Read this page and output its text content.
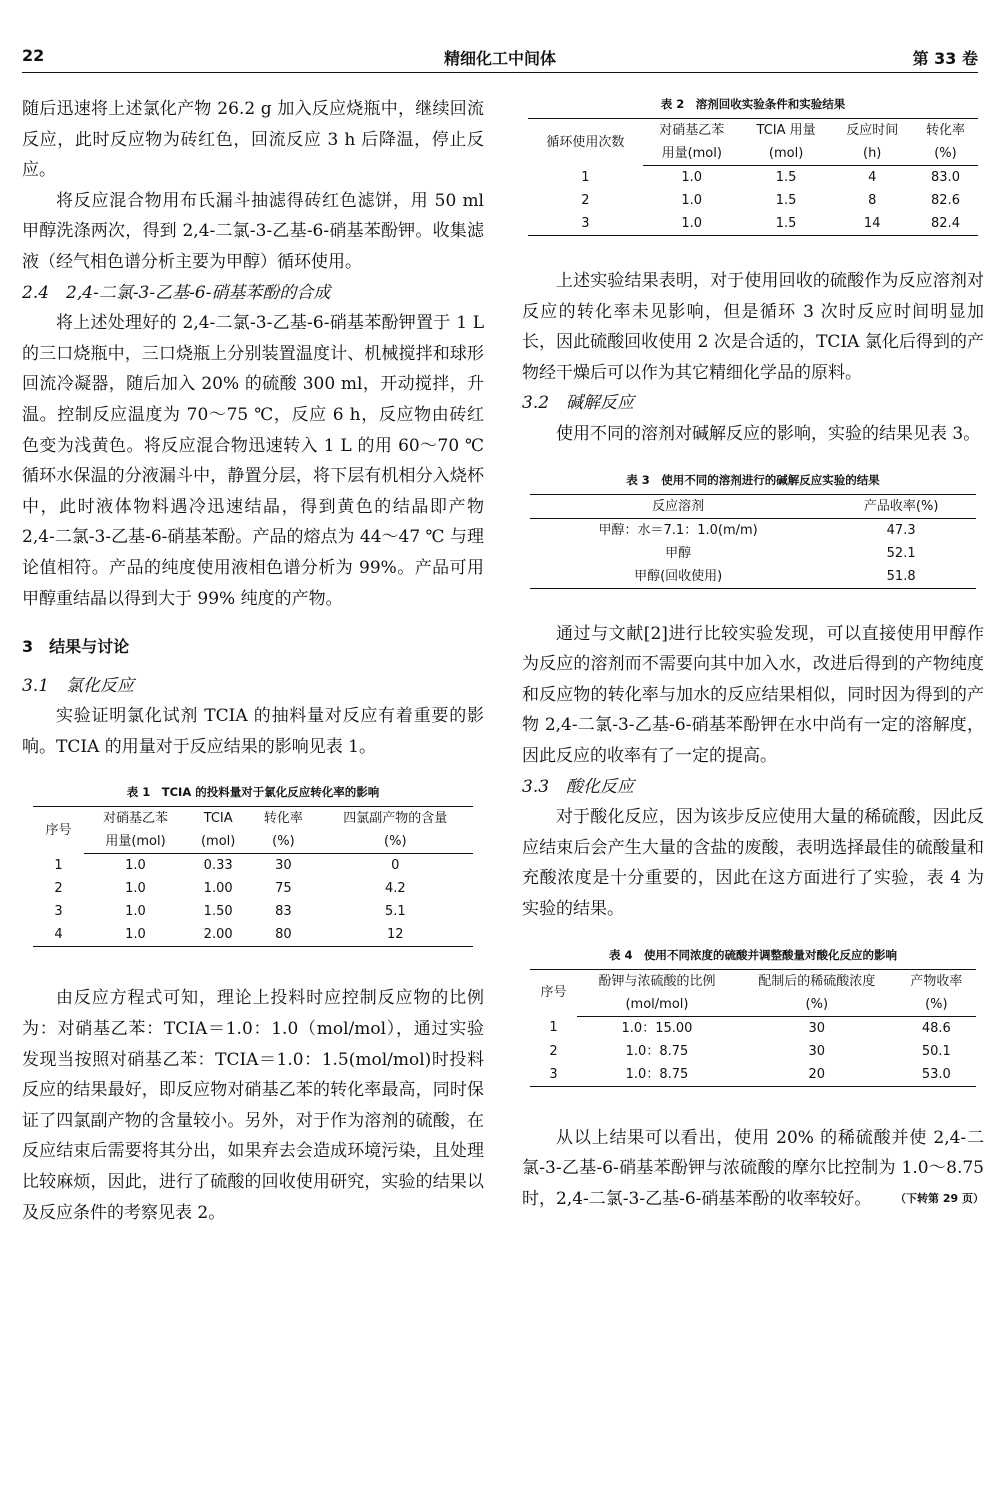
22	精细化工中间体	第 33 卷

随后迅速将上述氯化产物 26.2 g 加入反应烧瓶中，继续回流反应，此时反应物为砖红色，回流反应 3 h 后降温，停止反应。

将反应混合物用布氏漏斗抽滤得砖红色滤饼，用 50 ml 甲醇洗涤两次，得到 2,4-二氯-3-乙基-6-硝基苯酚钾。收集滤液（经气相色谱分析主要为甲醇）循环使用。

2.4　2,4-二氯-3-乙基-6-硝基苯酚的合成

将上述处理好的 2,4-二氯-3-乙基-6-硝基苯酚钾置于 1 L 的三口烧瓶中，三口烧瓶上分别装置温度计、机械搅拌和球形回流冷凝器，随后加入 20% 的硫酸 300 ml，开动搅拌，升温。控制反应温度为 70～75 ℃，反应 6 h，反应物由砖红色变为浅黄色。将反应混合物迅速转入 1 L 的用 60～70 ℃ 循环水保温的分液漏斗中，静置分层，将下层有机相分入烧杯中，此时液体物料遇冷迅速结晶，得到黄色的结晶即产物 2,4-二氯-3-乙基-6-硝基苯酚。产品的熔点为 44～47 ℃ 与理论值相符。产品的纯度使用液相色谱分析为 99%。产品可用甲醇重结晶以得到大于 99% 纯度的产物。

3　结果与讨论
3.1　氯化反应

实验证明氯化试剂 TCIA 的抽料量对反应有着重要的影响。TCIA 的用量对于反应结果的影响见表 1。

表 1　TCIA 的投料量对于氯化反应转化率的影响
序号	对硝基乙苯	TCIA	转化率	四氯副产物的含量
	用量(mol)	(mol)	(%)	(%)
1	1.0	0.33	30	0
2	1.0	1.00	75	4.2
3	1.0	1.50	83	5.1
4	1.0	2.00	80	12

由反应方程式可知，理论上投料时应控制反应物的比例为：对硝基乙苯：TCIA＝1.0：1.0（mol/mol），通过实验发现当按照对硝基乙苯：TCIA＝1.0：1.5(mol/mol)时投料反应的结果最好，即反应物对硝基乙苯的转化率最高，同时保证了四氯副产物的含量较小。另外，对于作为溶剂的硫酸，在反应结束后需要将其分出，如果弃去会造成环境污染，且处理比较麻烦，因此，进行了硫酸的回收使用研究，实验的结果以及反应条件的考察见表 2。

表 2　溶剂回收实验条件和实验结果
循环使用次数	对硝基乙苯	TCIA 用量	反应时间	转化率
	用量(mol)	(mol)	(h)	(%)
1	1.0	1.5	4	83.0
2	1.0	1.5	8	82.6
3	1.0	1.5	14	82.4

上述实验结果表明，对于使用回收的硫酸作为反应溶剂对反应的转化率未见影响，但是循环 3 次时反应时间明显加长，因此硫酸回收使用 2 次是合适的，TCIA 氯化后得到的产物经干燥后可以作为其它精细化学品的原料。

3.2　碱解反应

使用不同的溶剂对碱解反应的影响，实验的结果见表 3。

表 3　使用不同的溶剂进行的碱解反应实验的结果
反应溶剂	产品收率(%)
甲醇：水＝7.1：1.0(m/m)	47.3
甲醇	52.1
甲醇(回收使用)	51.8

通过与文献[2]进行比较实验发现，可以直接使用甲醇作为反应的溶剂而不需要向其中加入水，改进后得到的产物纯度和反应物的转化率与加水的反应结果相似，同时因为得到的产物 2,4-二氯-3-乙基-6-硝基苯酚钾在水中尚有一定的溶解度，因此反应的收率有了一定的提高。

3.3　酸化反应

对于酸化反应，因为该步反应使用大量的稀硫酸，因此反应结束后会产生大量的含盐的废酸，表明选择最佳的硫酸量和充酸浓度是十分重要的，因此在这方面进行了实验，表 4 为实验的结果。

表 4　使用不同浓度的硫酸并调整酸量对酸化反应的影响
序号	酚钾与浓硫酸的比例	配制后的稀硫酸浓度	产物收率
	(mol/mol)	(%)	(%)
1	1.0：15.00	30	48.6
2	1.0：8.75	30	50.1
3	1.0：8.75	20	53.0

从以上结果可以看出，使用 20% 的稀硫酸并使 2,4-二氯-3-乙基-6-硝基苯酚钾与浓硫酸的摩尔比控制为 1.0～8.75 时，2,4-二氯-3-乙基-6-硝基苯酚的收率较好。	（下转第 29 页）
